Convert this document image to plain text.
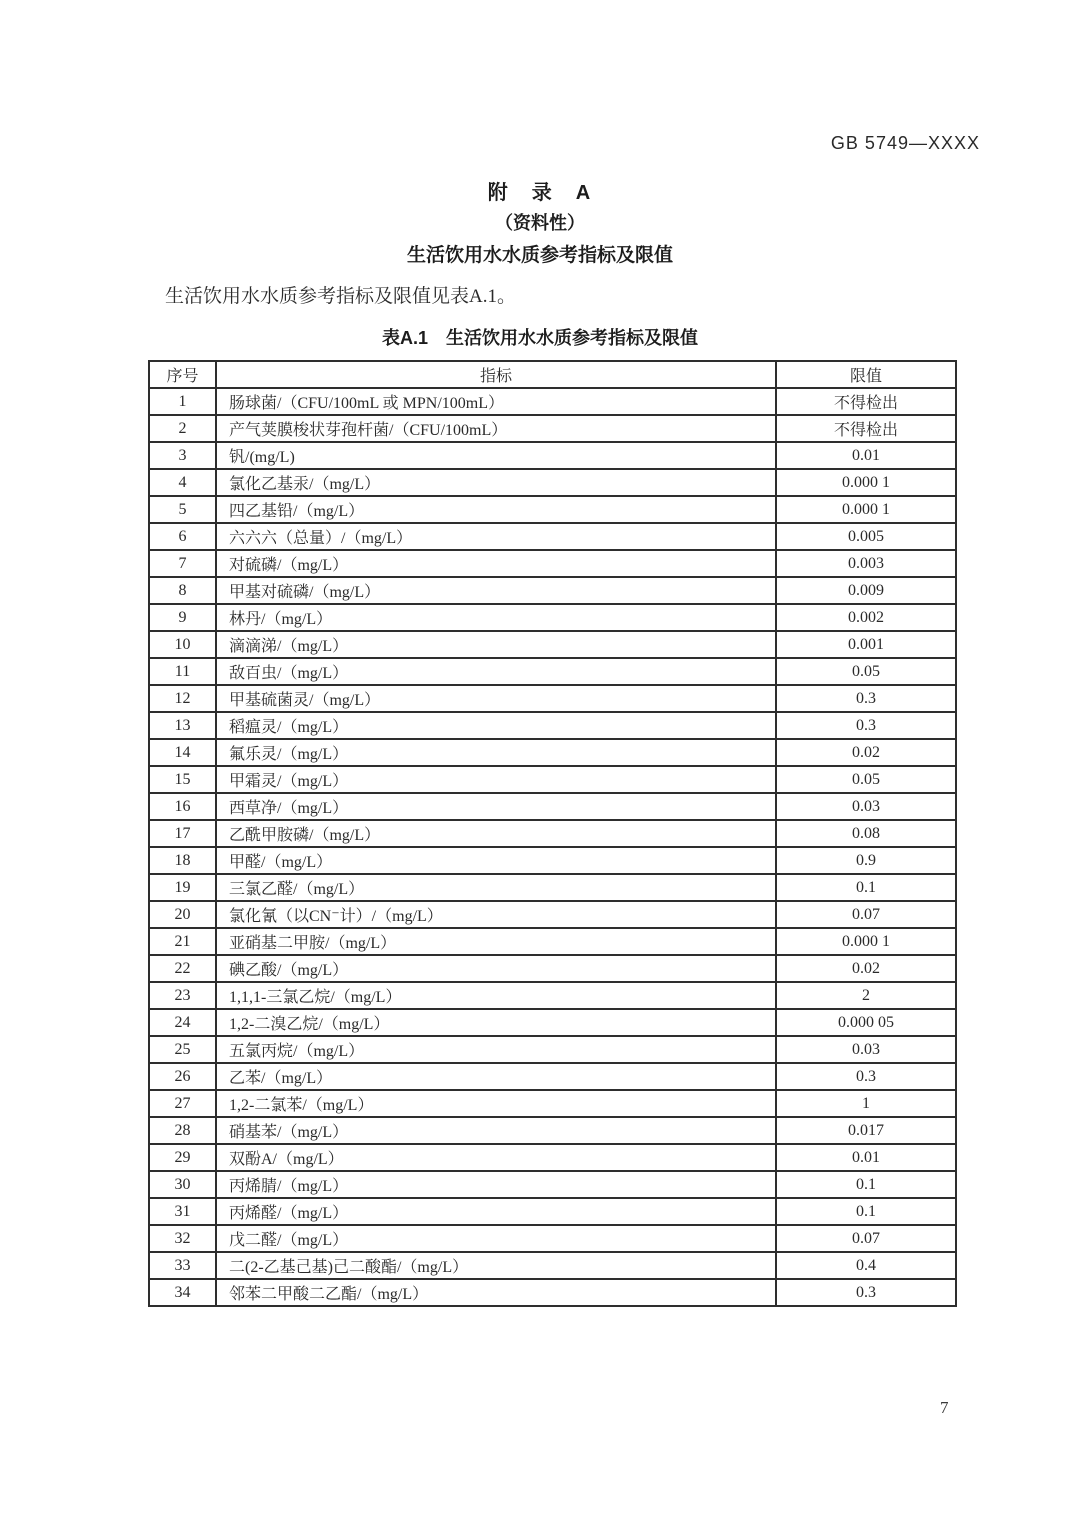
GB 5749—XXXX
附　录　A
（资料性）
生活饮用水水质参考指标及限值

生活饮用水水质参考指标及限值见表A.1。

表A.1　生活饮用水水质参考指标及限值
序号	指标	限值
1	肠球菌/（CFU/100mL 或 MPN/100mL）	不得检出
2	产气荚膜梭状芽孢杆菌/（CFU/100mL）	不得检出
3	钒/(mg/L)	0.01
4	氯化乙基汞/（mg/L）	0.000 1
5	四乙基铅/（mg/L）	0.000 1
6	六六六（总量）/（mg/L）	0.005
7	对硫磷/（mg/L）	0.003
8	甲基对硫磷/（mg/L）	0.009
9	林丹/（mg/L）	0.002
10	滴滴涕/（mg/L）	0.001
11	敌百虫/（mg/L）	0.05
12	甲基硫菌灵/（mg/L）	0.3
13	稻瘟灵/（mg/L）	0.3
14	氟乐灵/（mg/L）	0.02
15	甲霜灵/（mg/L）	0.05
16	西草净/（mg/L）	0.03
17	乙酰甲胺磷/（mg/L）	0.08
18	甲醛/（mg/L）	0.9
19	三氯乙醛/（mg/L）	0.1
20	氯化氰（以CN⁻计）/（mg/L）	0.07
21	亚硝基二甲胺/（mg/L）	0.000 1
22	碘乙酸/（mg/L）	0.02
23	1,1,1-三氯乙烷/（mg/L）	2
24	1,2-二溴乙烷/（mg/L）	0.000 05
25	五氯丙烷/（mg/L）	0.03
26	乙苯/（mg/L）	0.3
27	1,2-二氯苯/（mg/L）	1
28	硝基苯/（mg/L）	0.017
29	双酚A/（mg/L）	0.01
30	丙烯腈/（mg/L）	0.1
31	丙烯醛/（mg/L）	0.1
32	戊二醛/（mg/L）	0.07
33	二(2-乙基己基)己二酸酯/（mg/L）	0.4
34	邻苯二甲酸二乙酯/（mg/L）	0.3
7
